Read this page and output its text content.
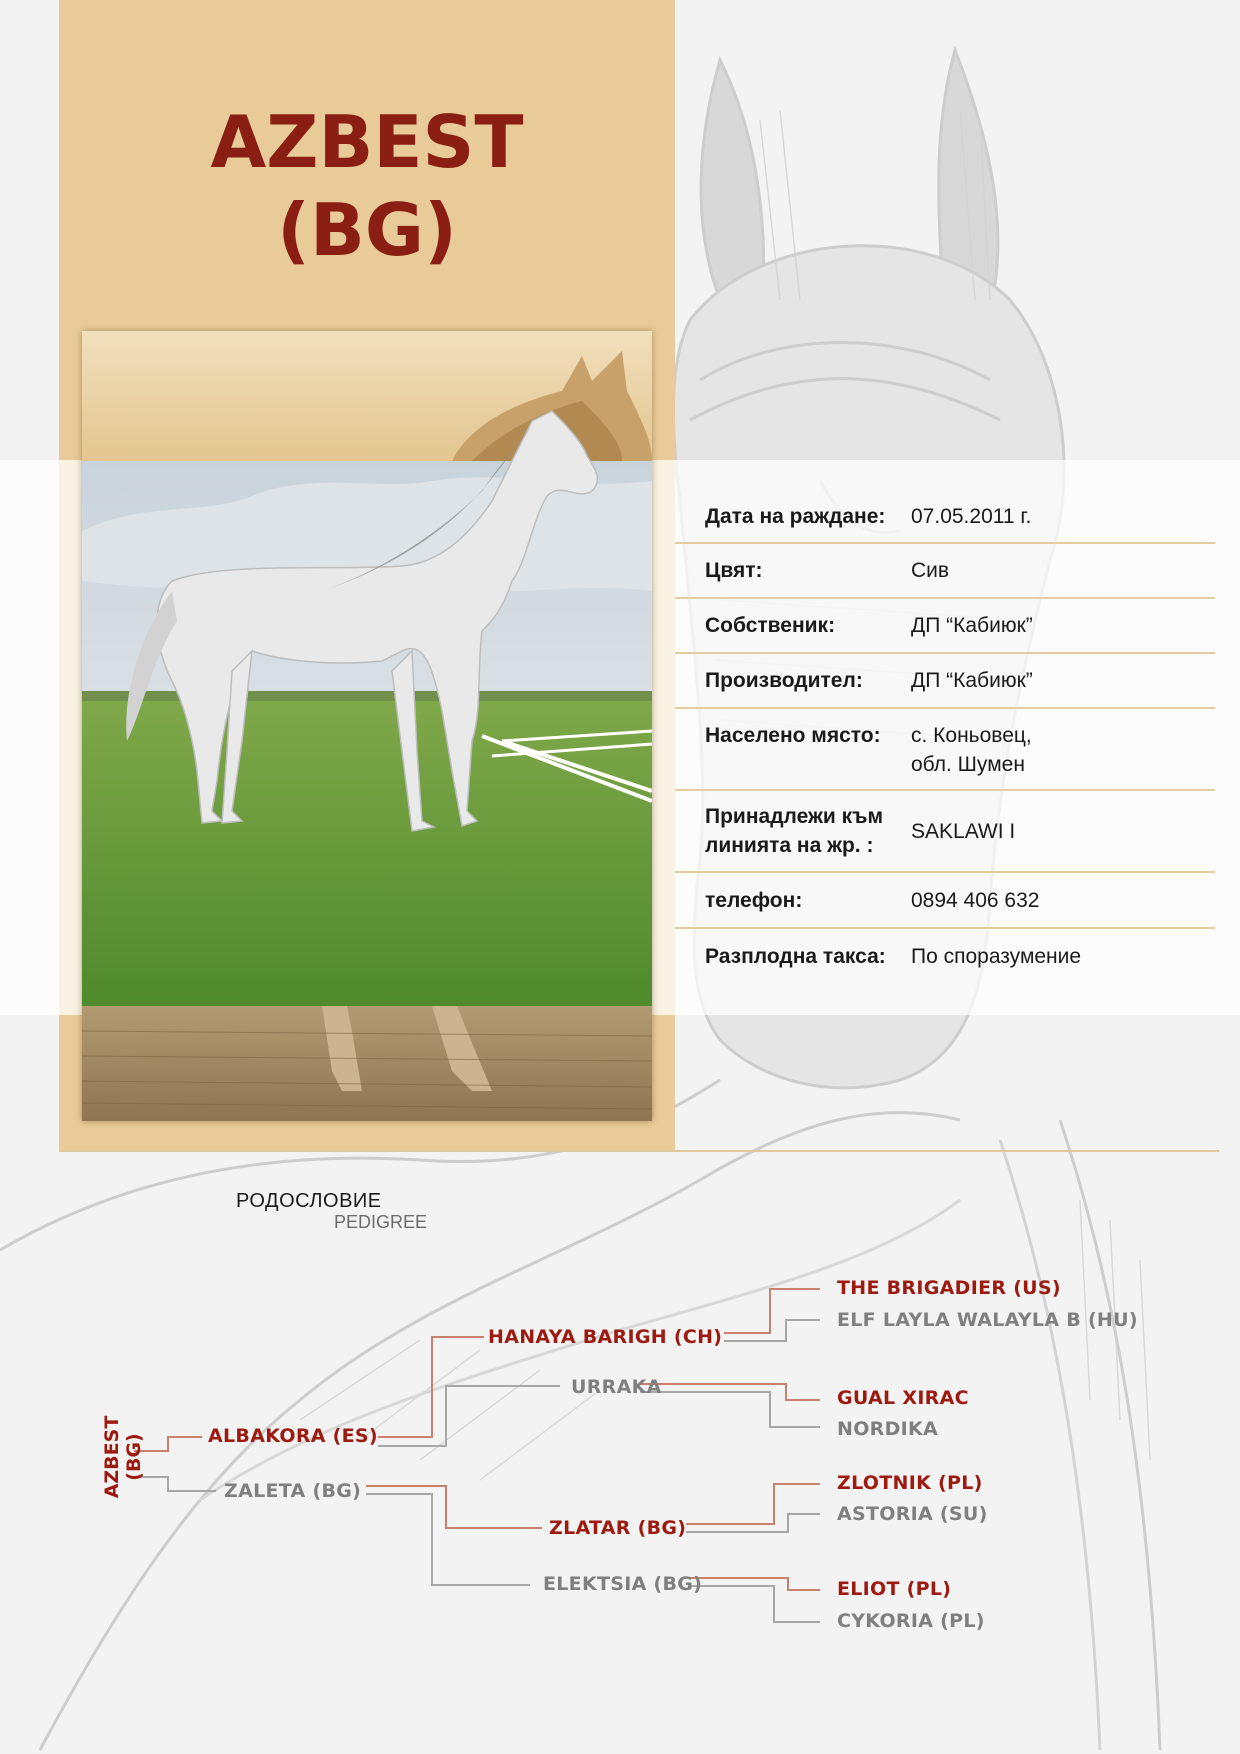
AZBEST
(BG)
Дата на раждане:	07.05.2011 г.
Цвят:	Сив
Собственик:	ДП “Кабиюк”
Производител:	ДП “Кабиюк”
Населено място:	с. Коньовец,
обл. Шумен
Принадлежи към
линията на жр. :
SAKLAWI I
телефон:	0894 406 632
Разплодна такса:	По споразумение
РОДОСЛОВИЕ
PEDIGREE
AZBEST (BG)	ALBAKORA (ES)
ZALETA (BG)
HANAYA BARIGH (CH)
URRAKA
ZLATAR (BG)
ELEKTSIA (BG)
THE BRIGADIER (US)
ELF LAYLA WALAYLA B (HU)
GUAL XIRAC
NORDIKA
ZLOTNIK (PL)
ASTORIA (SU)
ELIOT (PL)
CYKORIA (PL)
